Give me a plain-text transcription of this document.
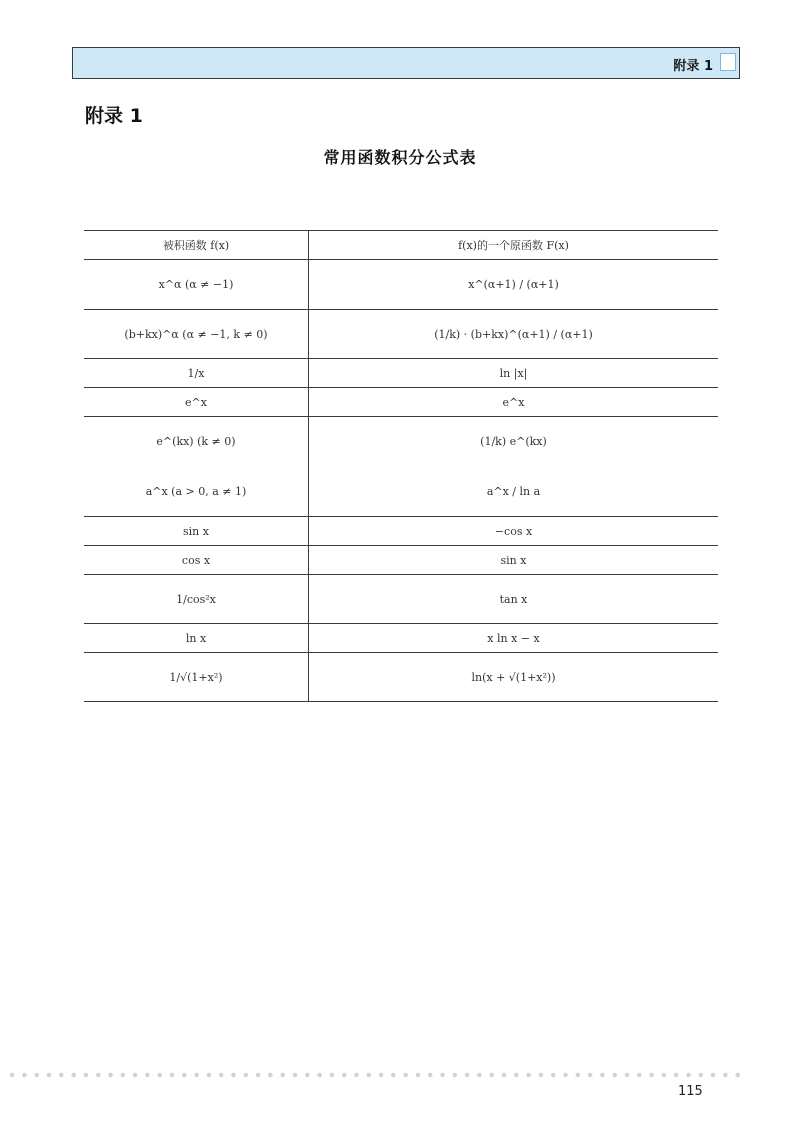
附录 1
附录 1
常用函数积分公式表
被积函数 f(x)	f(x)的一个原函数 F(x)
x^α (α ≠ −1)	x^(α+1) / (α+1)
(b+kx)^α (α ≠ −1, k ≠ 0)	(1/k) · (b+kx)^(α+1) / (α+1)
1/x	ln |x|
e^x	e^x
e^(kx) (k ≠ 0)	(1/k) e^(kx)
a^x (a > 0, a ≠ 1)	a^x / ln a
sin x	−cos x
cos x	sin x
1/cos²x	tan x
ln x	x ln x − x
1/√(1+x²)	ln(x + √(1+x²))
115
